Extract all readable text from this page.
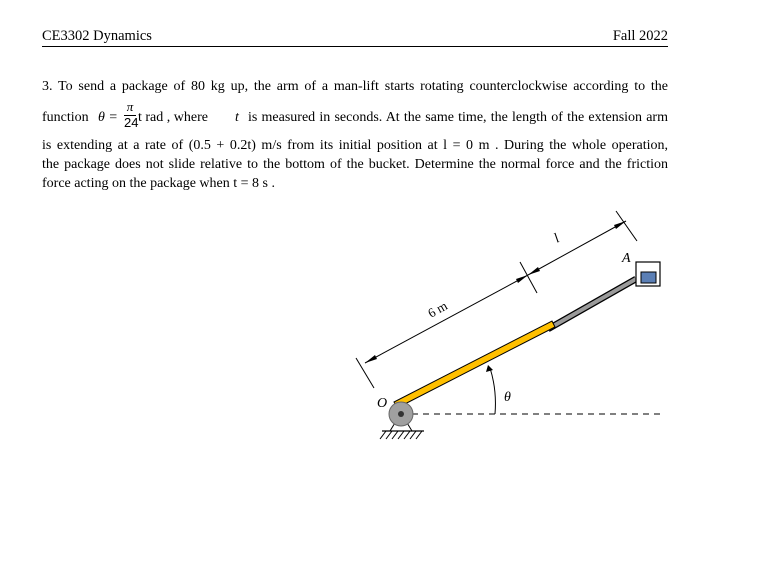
CE3302 Dynamics	Fall 2022
3. To send a package of 80 kg up, the arm of a man-lift starts rotating counterclockwise according to the
function $\theta = \frac{\pi}{24}$ t rad , where t is measured in seconds. At the same time, the length of the extension arm
is extending at a rate of (0.5 + 0.2t) m/s from its initial position at l = 0 m . During the whole operation,
the package does not slide relative to the bottom of the bucket. Determine the normal force and the friction
force acting on the package when t = 8 s .
O
A
θ
l
6 m
